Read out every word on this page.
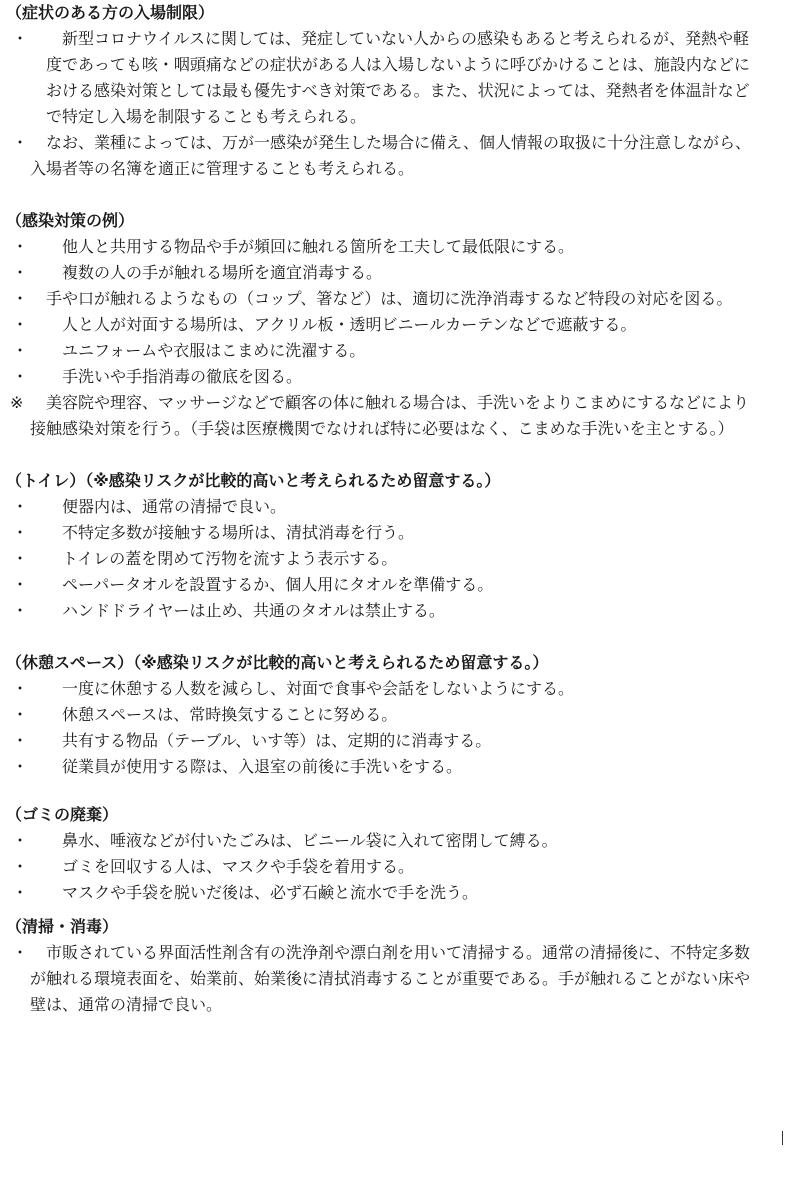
（症状のある方の入場制限）
・	　新型コロナウイルスに関しては、発症していない人からの感染もあると考えられるが、発熱や軽度であっても咳・咽頭痛などの症状がある人は入場しないように呼びかけることは、施設内などにおける感染対策としては最も優先すべき対策である。また、状況によっては、発熱者を体温計などで特定し入場を制限することも考えられる。
・ 　なお、業種によっては、万が一感染が発生した場合に備え、個人情報の取扱に十分注意しながら、入場者等の名簿を適正に管理することも考えられる。
（感染対策の例）
・	　他人と共用する物品や手が頻回に触れる箇所を工夫して最低限にする。
・	　複数の人の手が触れる場所を適宜消毒する。
・ 　手や口が触れるようなもの（コップ、箸など）は、適切に洗浄消毒するなど特段の対応を図る。
・	　人と人が対面する場所は、アクリル板・透明ビニールカーテンなどで遮蔽する。
・	　ユニフォームや衣服はこまめに洗濯する。
・	　手洗いや手指消毒の徹底を図る。
※ 　美容院や理容、マッサージなどで顧客の体に触れる場合は、手洗いをよりこまめにするなどにより接触感染対策を行う。（手袋は医療機関でなければ特に必要はなく、こまめな手洗いを主とする。）
（トイレ）（※感染リスクが比較的高いと考えられるため留意する。）
・	　便器内は、通常の清掃で良い。
・	　不特定多数が接触する場所は、清拭消毒を行う。
・	　トイレの蓋を閉めて汚物を流すよう表示する。
・	　ペーパータオルを設置するか、個人用にタオルを準備する。
・	　ハンドドライヤーは止め、共通のタオルは禁止する。
（休憩スペース）（※感染リスクが比較的高いと考えられるため留意する。）
・	　一度に休憩する人数を減らし、対面で食事や会話をしないようにする。
・	　休憩スペースは、常時換気することに努める。
・	　共有する物品（テーブル、いす等）は、定期的に消毒する。
・	　従業員が使用する際は、入退室の前後に手洗いをする。
（ゴミの廃棄）
・	　鼻水、唾液などが付いたごみは、ビニール袋に入れて密閉して縛る。
・	　ゴミを回収する人は、マスクや手袋を着用する。
・	　マスクや手袋を脱いだ後は、必ず石鹸と流水で手を洗う。
（清掃・消毒）
・ 　市販されている界面活性剤含有の洗浄剤や漂白剤を用いて清掃する。通常の清掃後に、不特定多数が触れる環境表面を、始業前、始業後に清拭消毒することが重要である。手が触れることがない床や壁は、通常の清掃で良い。
